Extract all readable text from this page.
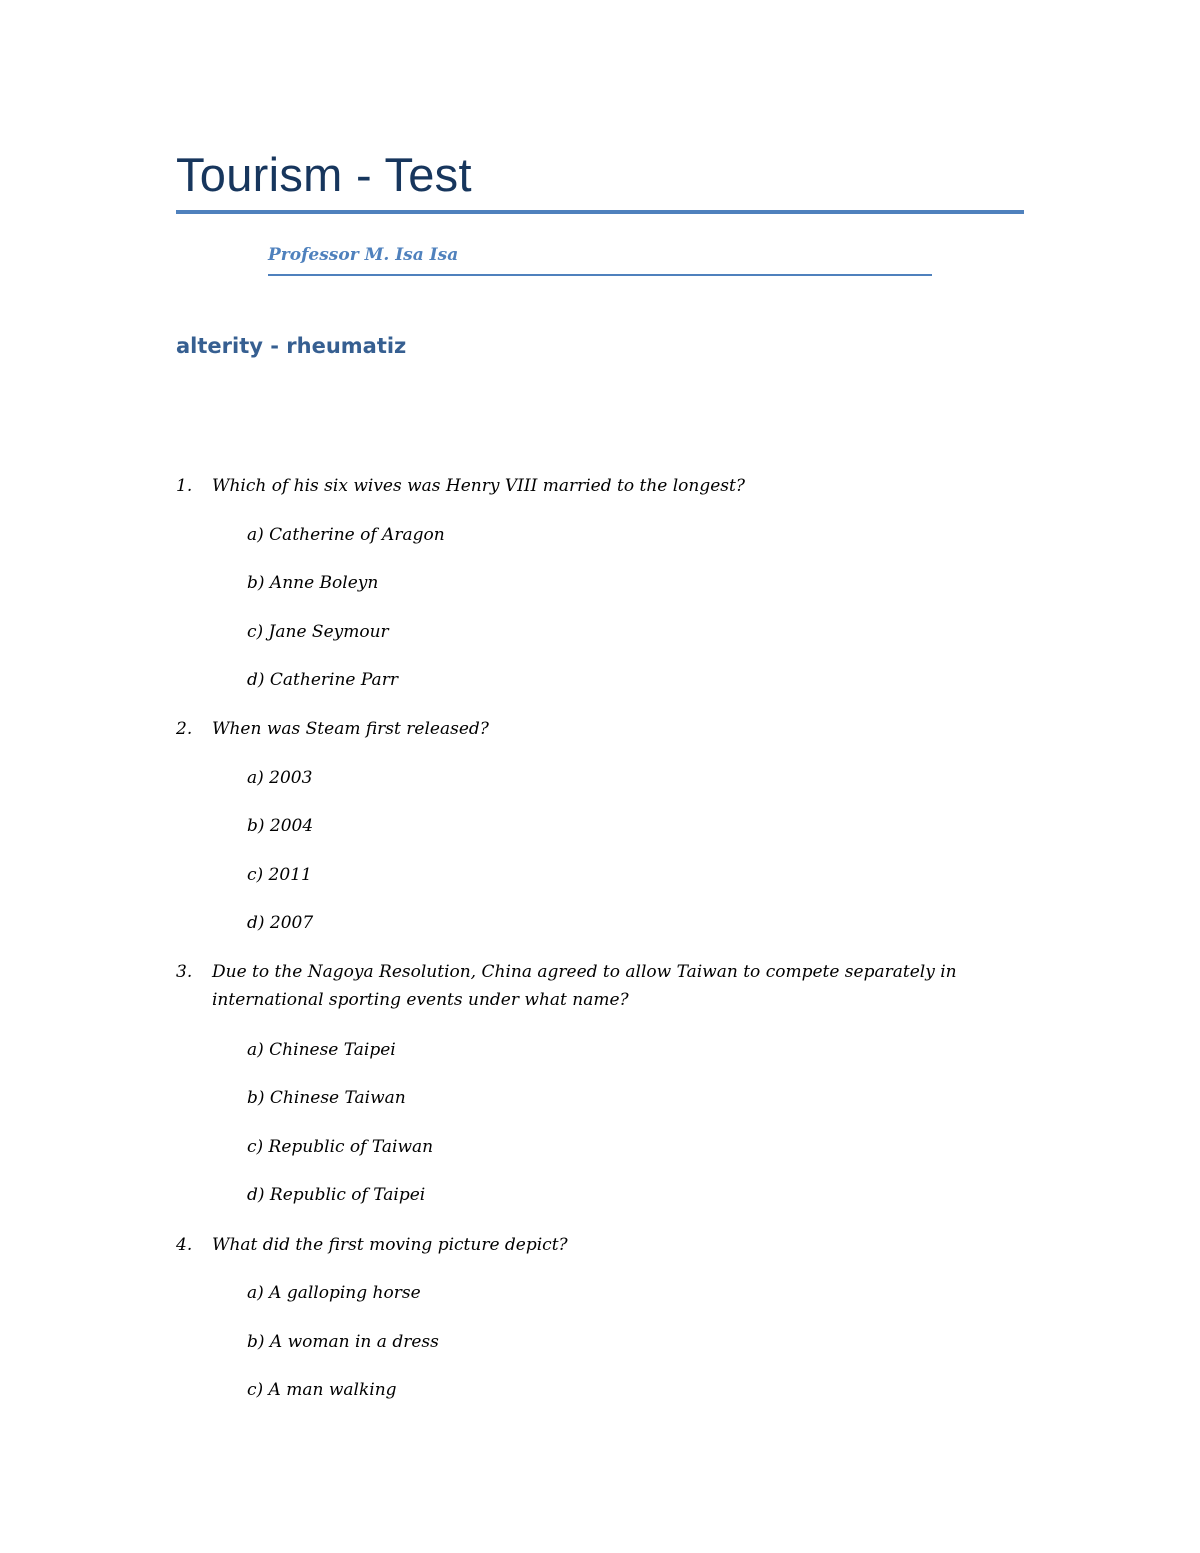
Tourism - Test
Professor M. Isa Isa
alterity - rheumatiz
1. Which of his six wives was Henry VIII married to the longest?
a) Catherine of Aragon
b) Anne Boleyn
c) Jane Seymour
d) Catherine Parr
2. When was Steam first released?
a) 2003
b) 2004
c) 2011
d) 2007
3. Due to the Nagoya Resolution, China agreed to allow Taiwan to compete separately in international sporting events under what name?
a) Chinese Taipei
b) Chinese Taiwan
c) Republic of Taiwan
d) Republic of Taipei
4. What did the first moving picture depict?
a) A galloping horse
b) A woman in a dress
c) A man walking
